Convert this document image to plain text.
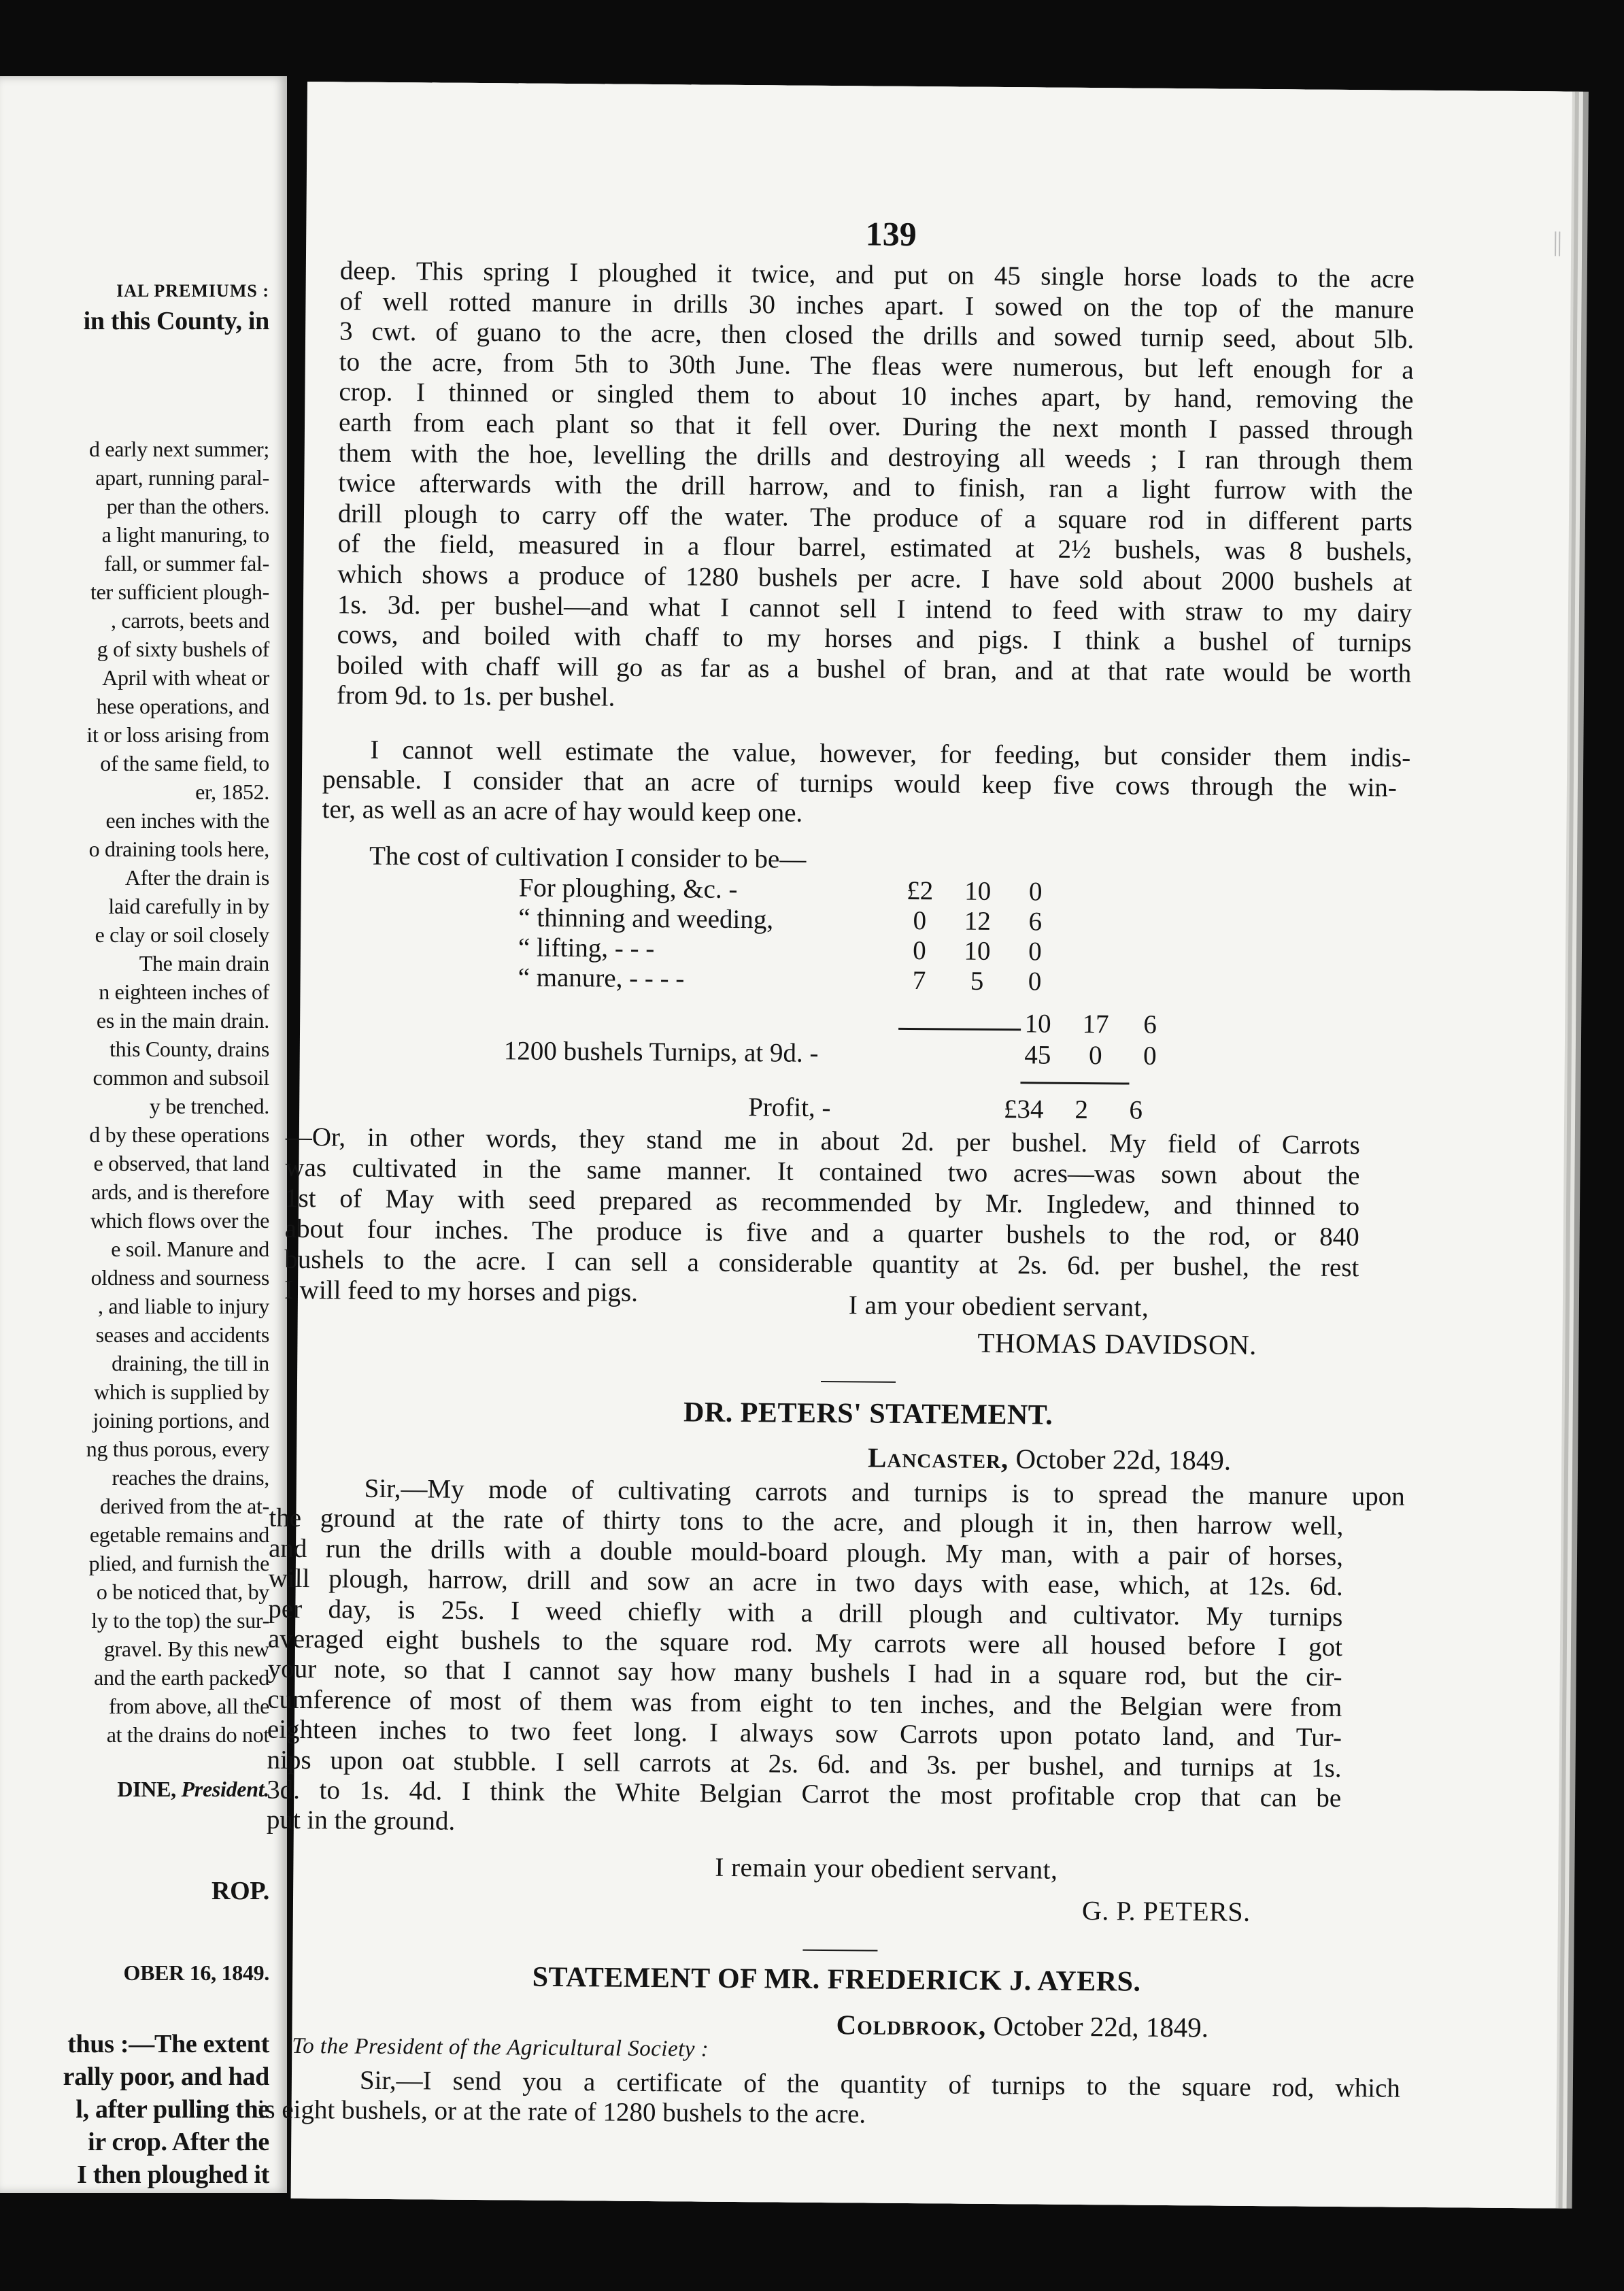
IAL PREMIUMS :
in this County, in
d early next summer;
apart, running paral-
per than the others.
a light manuring, to
fall, or summer fal-
ter sufficient plough-
, carrots, beets and
g of sixty bushels of
April with wheat or
hese operations, and
it or loss arising from
of the same field, to
er, 1852.
een inches with the
o draining tools here,
After the drain is
laid carefully in by
e clay or soil closely
The main drain
n eighteen inches of
es in the main drain.
this County, drains
common and subsoil
y be trenched.
d by these operations
e observed, that land
ards, and is therefore
which flows over the
e soil. Manure and
oldness and sourness
, and liable to injury
seases and accidents
draining, the till in
which is supplied by
joining portions, and
ng thus porous, every
reaches the drains,
derived from the at-
egetable remains and
plied, and furnish the
o be noticed that, by
ly to the top) the sur-
gravel. By this new
and the earth packed
from above, all the
at the drains do not
DINE, President.
ROP.
OBER 16, 1849.
thus :—The extent
rally poor, and had
l, after pulling the
ir crop. After the
I then ploughed it
139
deep. This spring I ploughed it twice, and put on 45 single horse loads to the acre
of well rotted manure in drills 30 inches apart. I sowed on the top of the manure
3 cwt. of guano to the acre, then closed the drills and sowed turnip seed, about 5lb.
to the acre, from 5th to 30th June. The fleas were numerous, but left enough for a
crop. I thinned or singled them to about 10 inches apart, by hand, removing the
earth from each plant so that it fell over. During the next month I passed through
them with the hoe, levelling the drills and destroying all weeds ; I ran through them
twice afterwards with the drill harrow, and to finish, ran a light furrow with the
drill plough to carry off the water. The produce of a square rod in different parts
of the field, measured in a flour barrel, estimated at 2½ bushels, was 8 bushels,
which shows a produce of 1280 bushels per acre. I have sold about 2000 bushels at
1s. 3d. per bushel—and what I cannot sell I intend to feed with straw to my dairy
cows, and boiled with chaff to my horses and pigs. I think a bushel of turnips
boiled with chaff will go as far as a bushel of bran, and at that rate would be worth
from 9d. to 1s. per bushel.
I cannot well estimate the value, however, for feeding, but consider them indis-
pensable. I consider that an acre of turnips would keep five cows through the win-
ter, as well as an acre of hay would keep one.
The cost of cultivation I consider to be—
For ploughing, &c. -	£2 10 0
“ thinning and weeding,	0 12 6
“ lifting, - - -	0 10 0
“ manure, - - - -	7 5 0
10 17 6
1200 bushels Turnips, at 9d. -	45 0 0
Profit, -	£34 2 6
—Or, in other words, they stand me in about 2d. per bushel. My field of Carrots
was cultivated in the same manner. It contained two acres—was sown about the
1st of May with seed prepared as recommended by Mr. Ingledew, and thinned to
about four inches. The produce is five and a quarter bushels to the rod, or 840
bushels to the acre. I can sell a considerable quantity at 2s. 6d. per bushel, the rest
I will feed to my horses and pigs.	I am your obedient servant,
THOMAS DAVIDSON.
DR. PETERS' STATEMENT.
Lancaster, October 22d, 1849.
Sir,—My mode of cultivating carrots and turnips is to spread the manure upon
the ground at the rate of thirty tons to the acre, and plough it in, then harrow well,
and run the drills with a double mould-board plough. My man, with a pair of horses,
will plough, harrow, drill and sow an acre in two days with ease, which, at 12s. 6d.
per day, is 25s. I weed chiefly with a drill plough and cultivator. My turnips
averaged eight bushels to the square rod. My carrots were all housed before I got
your note, so that I cannot say how many bushels I had in a square rod, but the cir-
cumference of most of them was from eight to ten inches, and the Belgian were from
eighteen inches to two feet long. I always sow Carrots upon potato land, and Tur-
nips upon oat stubble. I sell carrots at 2s. 6d. and 3s. per bushel, and turnips at 1s.
3d. to 1s. 4d. I think the White Belgian Carrot the most profitable crop that can be
put in the ground.
I remain your obedient servant,
G. P. PETERS.
STATEMENT OF MR. FREDERICK J. AYERS.
Coldbrook, October 22d, 1849.
To the President of the Agricultural Society :
Sir,—I send you a certificate of the quantity of turnips to the square rod, which
is eight bushels, or at the rate of 1280 bushels to the acre.
